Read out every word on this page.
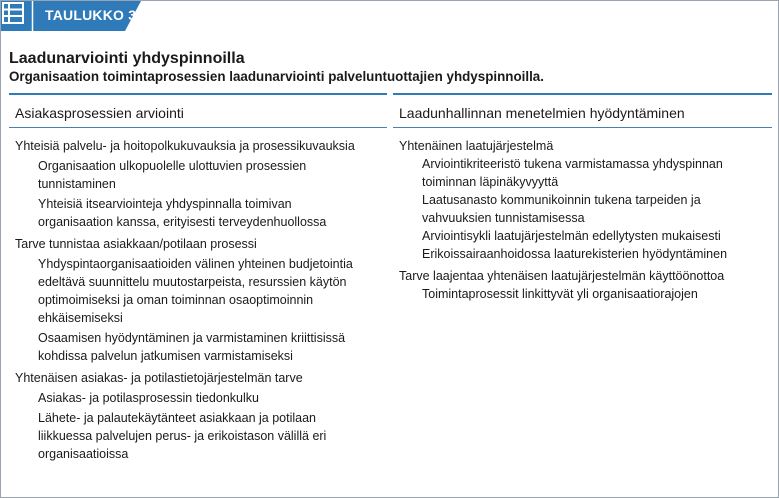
TAULUKKO 3.
Laadunarviointi yhdyspinnoilla
Organisaation toimintaprosessien laadunarviointi palveluntuottajien yhdyspinnoilla.
Asiakasprosessien arviointi	Laadunhallinnan menetelmien hyödyntäminen
Yhteisiä palvelu- ja hoitopolkukuvauksia ja prosessikuvauksia
Organisaation ulkopuolelle ulottuvien prosessien
tunnistaminen
Yhteisiä itsearviointeja yhdyspinnalla toimivan
organisaation kanssa, erityisesti terveydenhuollossa
Tarve tunnistaa asiakkaan/potilaan prosessi
Yhdyspintaorganisaatioiden välinen yhteinen budjetointia
edeltävä suunnittelu muutostarpeista, resurssien käytön
optimoimiseksi ja oman toiminnan osaoptimoinnin
ehkäisemiseksi
Osaamisen hyödyntäminen ja varmistaminen kriittisissä
kohdissa palvelun jatkumisen varmistamiseksi
Yhtenäisen asiakas- ja potilastietojärjestelmän tarve
Asiakas- ja potilasprosessin tiedonkulku
Lähete- ja palautekäytänteet asiakkaan ja potilaan
liikkuessa palvelujen perus- ja erikoistason välillä eri
organisaatioissa
Yhtenäinen laatujärjestelmä
Arviointikriteeristö tukena varmistamassa yhdyspinnan
toiminnan läpinäkyvyyttä
Laatusanasto kommunikoinnin tukena tarpeiden ja
vahvuuksien tunnistamisessa
Arviointisykli laatujärjestelmän edellytysten mukaisesti
Erikoissairaanhoidossa laaturekisterien hyödyntäminen
Tarve laajentaa yhtenäisen laatujärjestelmän käyttöönottoa
Toimintaprosessit linkittyvät yli organisaatiorajojen
